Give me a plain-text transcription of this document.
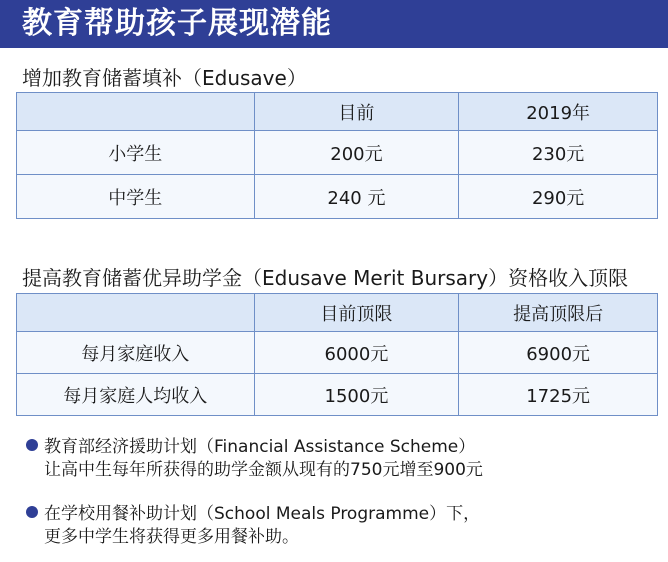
教育帮助孩子展现潜能
增加教育储蓄填补（Edusave）
	目前	2019年
小学生	200元	230元
中学生	240 元	290元
提高教育储蓄优异助学金（Edusave Merit Bursary）资格收入顶限
	目前顶限	提高顶限后
每月家庭收入	6000元	6900元
每月家庭人均收入	1500元	1725元
教育部经济援助计划（Financial Assistance Scheme）
让高中生每年所获得的助学金额从现有的750元增至900元
在学校用餐补助计划（School Meals Programme）下，
更多中学生将获得更多用餐补助。
